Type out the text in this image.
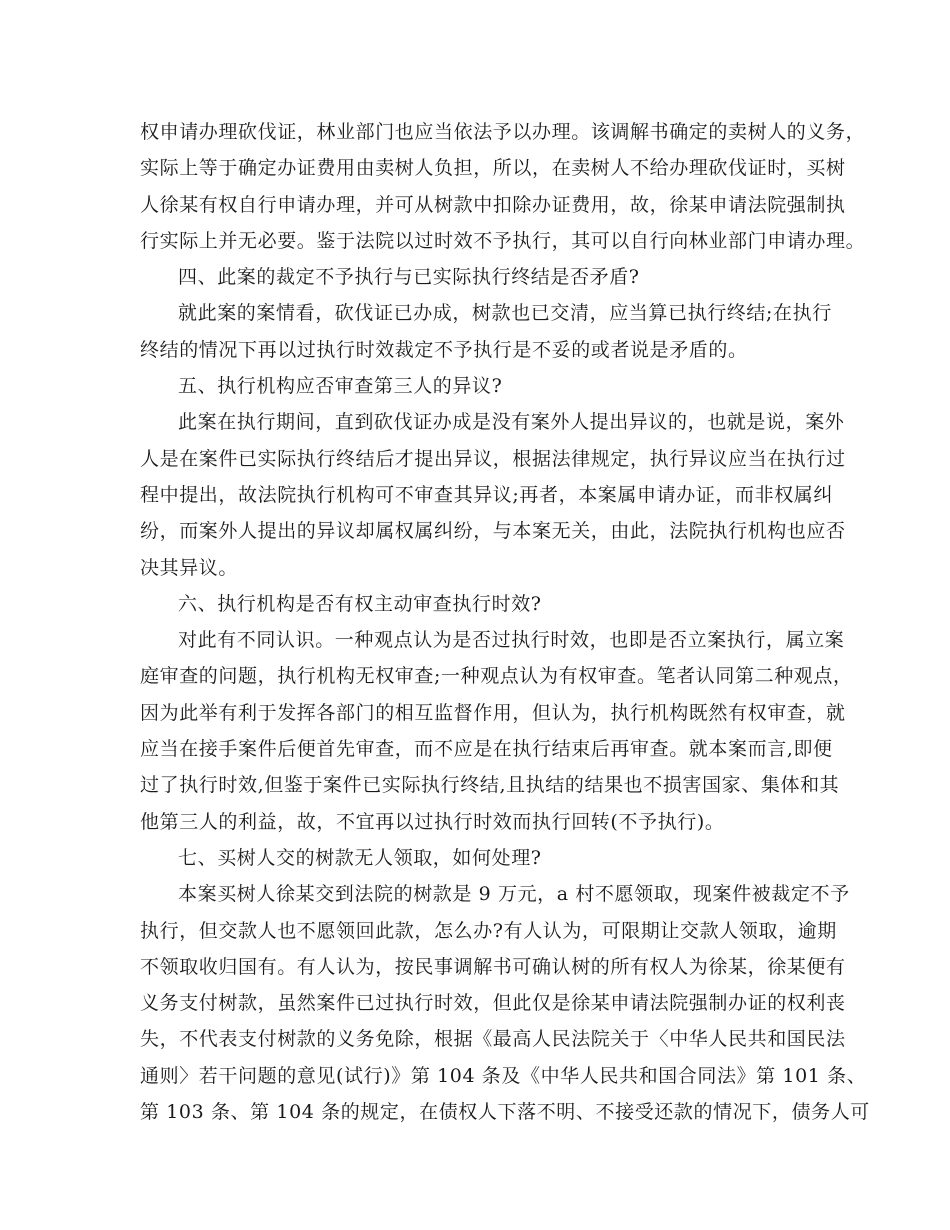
权申请办理砍伐证，林业部门也应当依法予以办理。该调解书确定的卖树人的义务，
实际上等于确定办证费用由卖树人负担，所以，在卖树人不给办理砍伐证时，买树
人徐某有权自行申请办理，并可从树款中扣除办证费用，故，徐某申请法院强制执
行实际上并无必要。鉴于法院以过时效不予执行，其可以自行向林业部门申请办理。
四、此案的裁定不予执行与已实际执行终结是否矛盾?
就此案的案情看，砍伐证已办成，树款也已交清，应当算已执行终结;在执行
终结的情况下再以过执行时效裁定不予执行是不妥的或者说是矛盾的。
五、执行机构应否审查第三人的异议?
此案在执行期间，直到砍伐证办成是没有案外人提出异议的，也就是说，案外
人是在案件已实际执行终结后才提出异议，根据法律规定，执行异议应当在执行过
程中提出，故法院执行机构可不审查其异议;再者，本案属申请办证，而非权属纠
纷，而案外人提出的异议却属权属纠纷，与本案无关，由此，法院执行机构也应否
决其异议。
六、执行机构是否有权主动审查执行时效?
对此有不同认识。一种观点认为是否过执行时效，也即是否立案执行，属立案
庭审查的问题，执行机构无权审查;一种观点认为有权审查。笔者认同第二种观点，
因为此举有利于发挥各部门的相互监督作用，但认为，执行机构既然有权审查，就
应当在接手案件后便首先审查，而不应是在执行结束后再审查。就本案而言,即便
过了执行时效,但鉴于案件已实际执行终结,且执结的结果也不损害国家、集体和其
他第三人的利益，故，不宜再以过执行时效而执行回转(不予执行)。
七、买树人交的树款无人领取，如何处理?
本案买树人徐某交到法院的树款是 9 万元，a 村不愿领取，现案件被裁定不予
执行，但交款人也不愿领回此款，怎么办?有人认为，可限期让交款人领取，逾期
不领取收归国有。有人认为，按民事调解书可确认树的所有权人为徐某，徐某便有
义务支付树款，虽然案件已过执行时效，但此仅是徐某申请法院强制办证的权利丧
失，不代表支付树款的义务免除，根据《最高人民法院关于〈中华人民共和国民法
通则〉若干问题的意见(试行)》第 104 条及《中华人民共和国合同法》第 101 条、
第 103 条、第 104 条的规定，在债权人下落不明、不接受还款的情况下，债务人可
